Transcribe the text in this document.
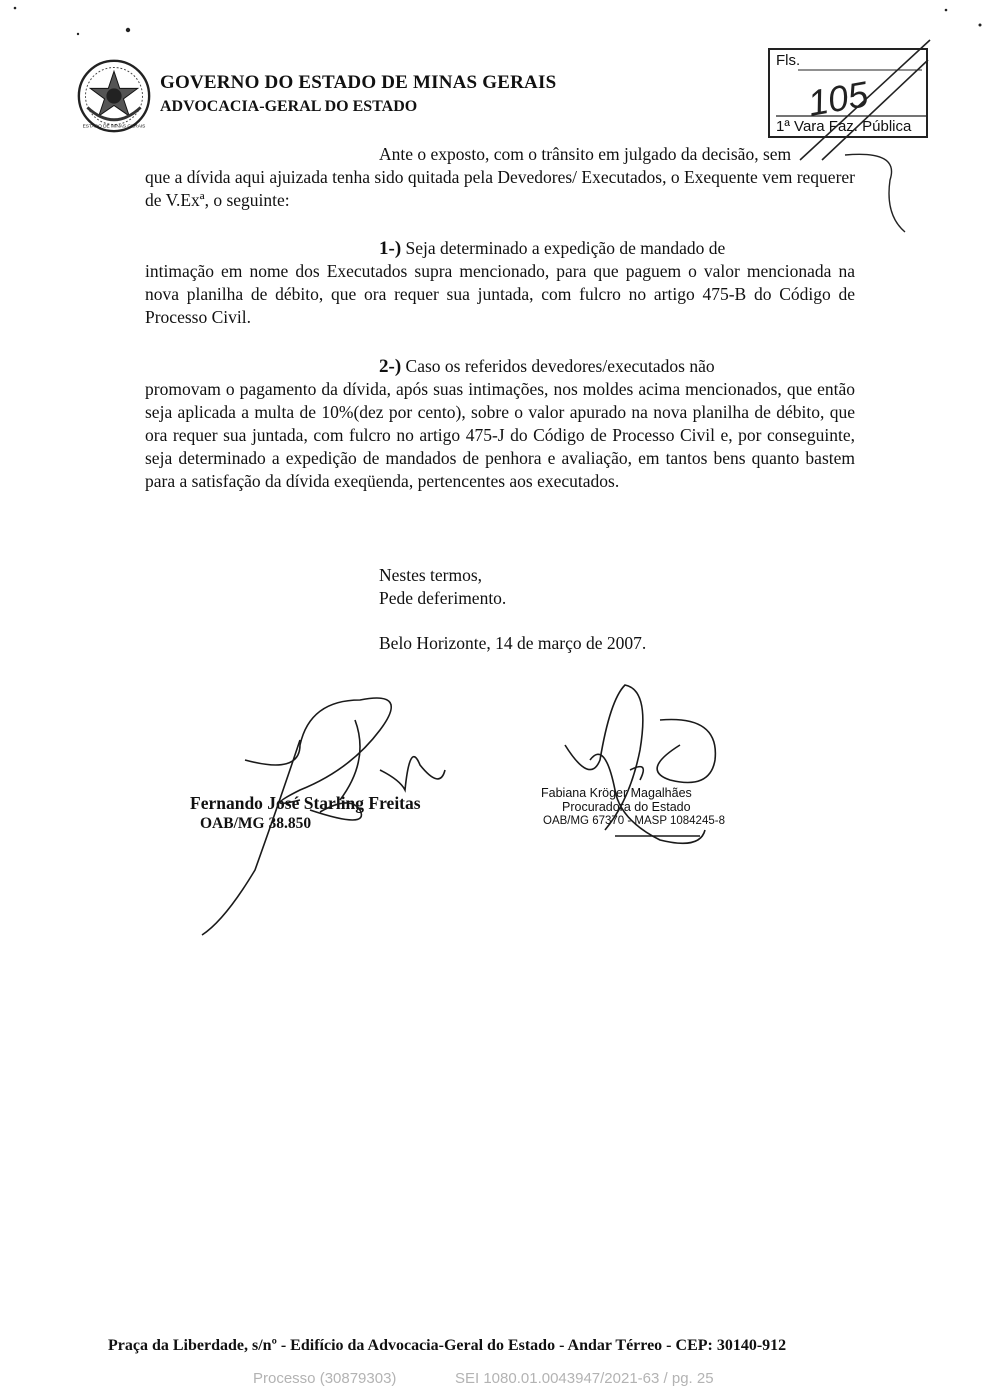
ESTADO DE MINAS GERAIS
GOVERNO DO ESTADO DE MINAS GERAIS
ADVOCACIA-GERAL DO ESTADO
Fls.
1ª Vara Faz. Pública
105
Ante o exposto, com o trânsito em julgado da decisão, sem
que a dívida aqui ajuizada tenha sido quitada pela Devedores/ Executados, o Exequente vem requerer de V.Exª, o seguinte:
1-) Seja determinado a expedição de mandado de
intimação em nome dos Executados supra mencionado, para que paguem o valor mencionada na nova planilha de débito, que ora requer sua juntada, com fulcro no artigo 475-B do Código de Processo Civil.
2-) Caso os referidos devedores/executados não
promovam o pagamento da dívida, após suas intimações, nos moldes acima mencionados, que então seja aplicada a multa de 10%(dez por cento), sobre o valor apurado na nova planilha de débito, que ora requer sua juntada, com fulcro no artigo 475-J do Código de Processo Civil e, por conseguinte, seja determinado a expedição de mandados de penhora e avaliação, em tantos bens quanto bastem para a satisfação da dívida exeqüenda, pertencentes aos executados.
Nestes termos,
Pede deferimento.
Belo Horizonte, 14 de março de 2007.
Fernando José Starling Freitas
OAB/MG 38.850
Fabiana Kröger Magalhães
Procuradora do Estado
OAB/MG 67370 - MASP 1084245-8
Praça da Liberdade, s/nº - Edifício da Advocacia-Geral do Estado - Andar Térreo - CEP: 30140-912
Processo (30879303)	SEI 1080.01.0043947/2021-63 / pg. 25
